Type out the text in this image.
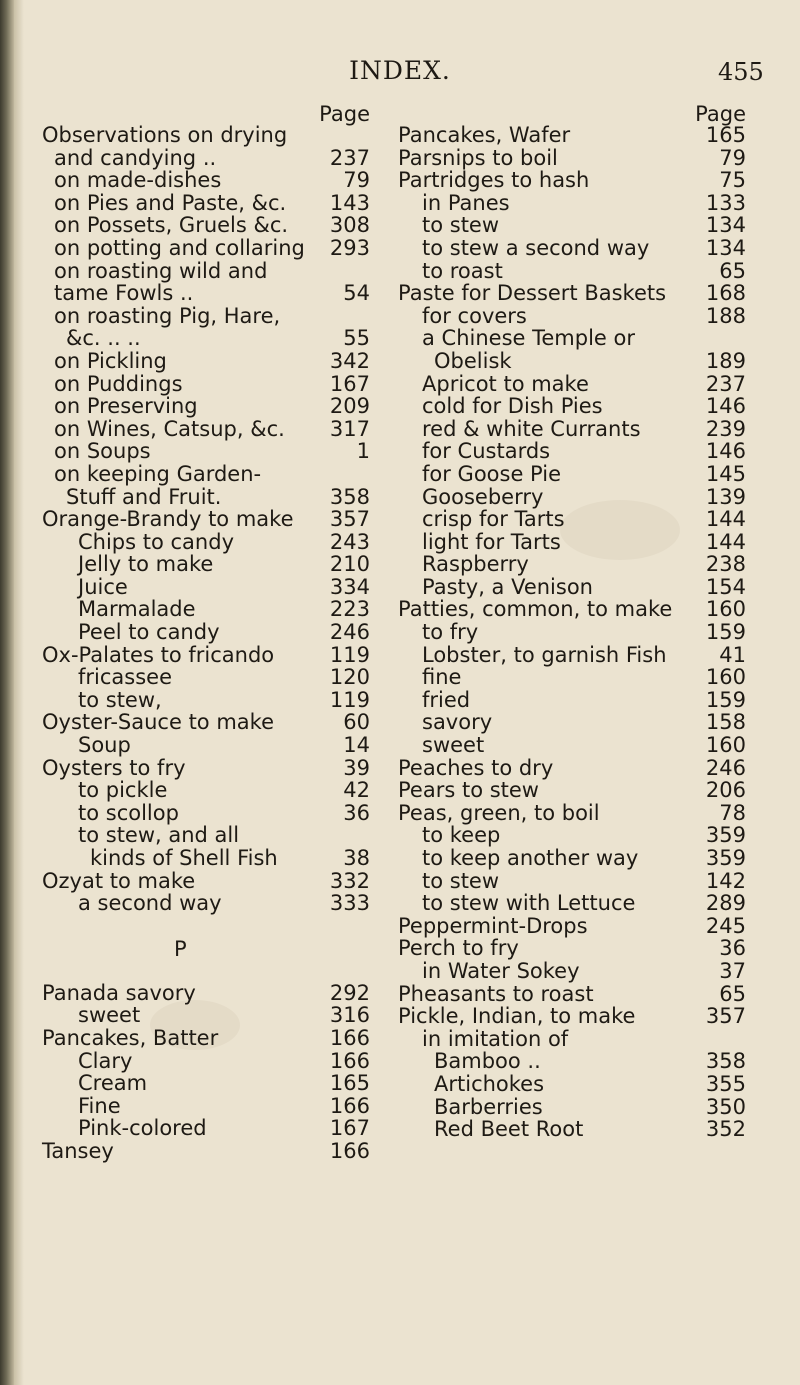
INDEX.	455
Page
Observations on drying
and candying ..	237
on made-dishes	79
on Pies and Paste, &c. 143
on Possets, Gruels &c. 308
on potting and collaring 293
on roasting wild and
tame Fowls ..	54
on roasting Pig, Hare,
&c. .. ..	55
on Pickling	342
on Puddings	167
on Preserving	209
on Wines, Catsup, &c. 317
on Soups	1
on keeping Garden-
Stuff and Fruit.	358
Orange-Brandy to make 357
Chips to candy	243
Jelly to make	210
Juice	334
Marmalade	223
Peel to candy	246
Ox-Palates to fricando	119
fricassee	120
to stew,	119
Oyster-Sauce to make	60
Soup	14
Oysters to fry	39
to pickle	42
to scollop	36
to stew, and all
kinds of Shell Fish	38
Ozyat to make	332
a second way	333
P
Panada savory	292
sweet	316
Pancakes, Batter	166
Clary	166
Cream	165
Fine	166
Pink-colored	167
Tansey	166
Page
Pancakes, Wafer	165
Parsnips to boil	79
Partridges to hash	75
in Panes	133
to stew	134
to stew a second way	134
to roast	65
Paste for Dessert Baskets 168
for covers	188
a Chinese Temple or
Obelisk	189
Apricot to make	237
cold for Dish Pies	146
red & white Currants	239
for Custards	146
for Goose Pie	145
Gooseberry	139
crisp for Tarts	144
light for Tarts	144
Raspberry	238
Pasty, a Venison	154
Patties, common, to make 160
to fry	159
Lobster, to garnish Fish	41
fine	160
fried	159
savory	158
sweet	160
Peaches to dry	246
Pears to stew	206
Peas, green, to boil	78
to keep	359
to keep another way	359
to stew	142
to stew with Lettuce	289
Peppermint-Drops	245
Perch to fry	36
in Water Sokey	37
Pheasants to roast	65
Pickle, Indian, to make	357
in imitation of
Bamboo ..	358
Artichokes	355
Barberries	350
Red Beet Root	352
